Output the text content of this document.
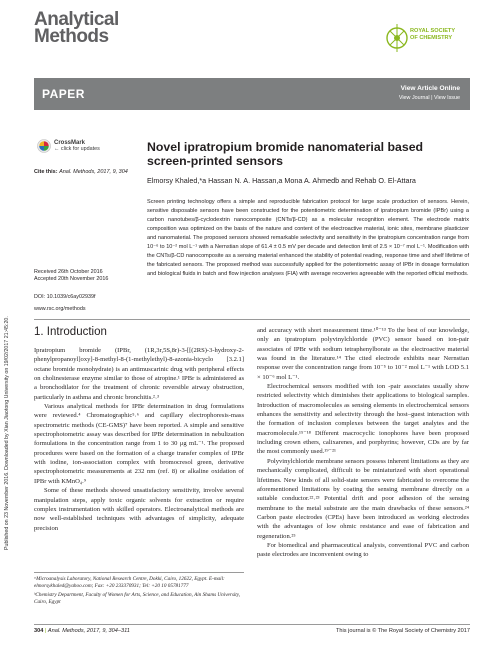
Published on 23 November 2016. Downloaded by Xian Jiaotong University on 19/02/2017 21:45:20.
Analytical
Methods	ROYAL SOCIETY
OF CHEMISTRY
PAPER	View Article Online
View Journal | View Issue
CrossMark
← click for updates
Cite this: Anal. Methods, 2017, 9, 304
Novel ipratropium bromide nanomaterial based screen-printed sensors
Elmorsy Khaled,*a Hassan N. A. Hassan,a Mona A. Ahmedb and Rehab O. El-Attara
Screen printing technology offers a simple and reproducible fabrication protocol for large scale production of sensors. Herein, sensitive disposable sensors have been constructed for the potentiometric determination of ipratropium bromide (IPBr) using a carbon nanotubes/β-cyclodextrin nanocomposite (CNTs/β-CD) as a molecular recognition element. The electrode matrix composition was optimized on the basis of the nature and content of the electroactive material, ionic sites, membrane plasticizer and nanomaterial. The proposed sensors showed remarkable selectivity and sensitivity in the ipratropium concentration range from 10⁻⁶ to 10⁻² mol L⁻¹ with a Nernstian slope of 61.4 ± 0.5 mV per decade and detection limit of 2.5 × 10⁻⁷ mol L⁻¹. Modification with the CNTs/β-CD nanocomposite as a sensing material enhanced the stability of potential reading, response time and shelf lifetime of the fabricated sensors. The proposed method was successfully applied for the potentiometric assay of IPBr in dosage formulation and biological fluids in batch and flow injection analyses (FIA) with average recoveries agreeable with the reported official methods.
Received 26th October 2016
Accepted 20th November 2016
DOI: 10.1039/c6ay02939f
www.rsc.org/methods
1. Introduction

Ipratropium bromide (IPBr, (1R,3r,5S,8r)-3-[[(2RS)-3-hydroxy-2-phenylpropanoyl]oxy]-8-methyl-8-(1-methylethyl)-8-azonia-bicyclo [3.2.1] octane bromide monohydrate) is an antimuscarinic drug with peripheral effects on cholinesterase enzyme similar to those of atropine.¹ IPBr is administered as a bronchodilator for the treatment of chronic reversible airway obstruction, particularly in asthma and chronic bronchitis.²˒³

Various analytical methods for IPBr determination in drug formulations were reviewed.⁴ Chromatographic⁵˒⁶ and capillary electrophoresis-mass spectrometric methods (CE-GMS)⁷ have been reported. A simple and sensitive spectrophotometric assay was described for IPBr determination in nebulization formulations in the concentration range from 1 to 30 μg mL⁻¹. The proposed procedures were based on the formation of a charge transfer complex of IPBr with iodine, ion-association complex with bromocresol green, derivative spectrophotometric measurements at 232 nm (ref. 8) or alkaline oxidation of IPBr with KMnO₄.⁹

Some of these methods showed unsatisfactory sensitivity, involve several manipulation steps, apply toxic organic solvents for extraction or require complex instrumentation with skilled operators. Electroanalytical methods are now well-established techniques with advantages of simplicity, adequate precision

and accuracy with short measurement time.¹⁰⁻¹³ To the best of our knowledge, only an ipratropium polyvinylchloride (PVC) sensor based on ion-pair associates of IPBr with sodium tetraphenylborate as the electroactive material was found in the literature.¹⁴ The cited electrode exhibits near Nernstian response over the concentration range from 10⁻⁵ to 10⁻² mol L⁻¹ with LOD 5.1 × 10⁻⁶ mol L⁻¹.

Electrochemical sensors modified with ion -pair associates usually show restricted selectivity which diminishes their applications to biological samples. Introduction of macromolecules as sensing elements in electrochemical sensors enhances the sensitivity and selectivity through the host–guest interaction with the formation of inclusion complexes between the target analytes and the macromolecule.¹⁵⁻¹⁸ Different macrocyclic ionophores have been proposed including crown ethers, calixarenes, and porphyrins; however, CDs are by far the most commonly used.¹⁹⁻²¹

Polyvinylchloride membrane sensors possess inherent limitations as they are mechanically complicated, difficult to be miniaturized with short operational lifetimes. New kinds of all solid-state sensors were fabricated to overcome the aforementioned limitations by coating the sensing membrane directly on a suitable conductor.²²˒²³ Potential drift and poor adhesion of the sensing membrane to the metal substrate are the main drawbacks of these sensors.²⁴ Carbon paste electrodes (CPEs) have been introduced as working electrodes with the advantages of low ohmic resistance and ease of fabrication and regeneration.²⁵

For biomedical and pharmaceutical analysis, conventional PVC and carbon paste electrodes are inconvenient owing to

ᵃMicroanalysis Laboratory, National Research Centre, Dokki, Cairo, 12622, Egypt. E-mail: elmorsykhaled@yahoo.com; Fax: +20 233370931; Tel: +20 10 05781777

ᵇChemistry Department, Faculty of Women for Arts, Science, and Education, Ain Shams University, Cairo, Egypt

304 | Anal. Methods, 2017, 9, 304–311	This journal is © The Royal Society of Chemistry 2017
